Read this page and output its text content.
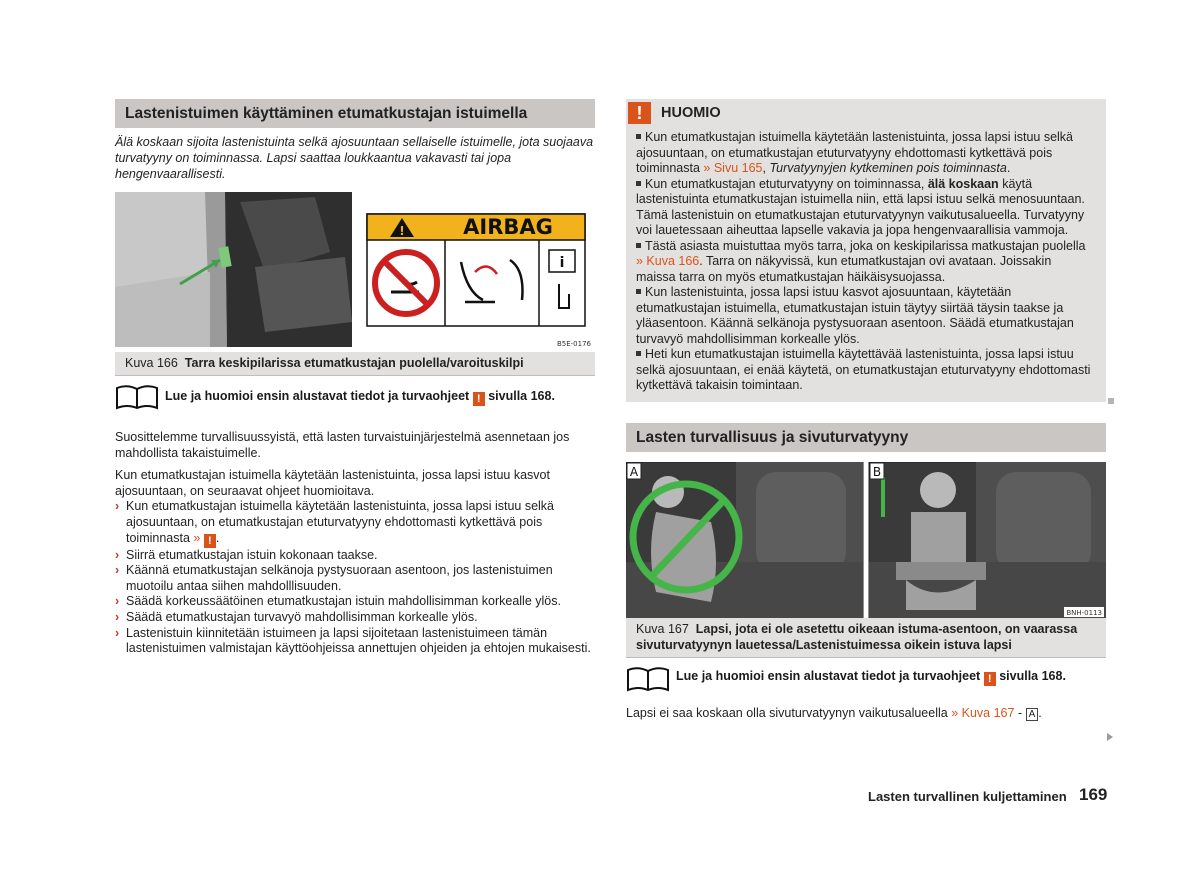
Lastenistuimen käyttäminen etumatkustajan istuimella
Älä koskaan sijoita lastenistuinta selkä ajosuuntaan sellaiselle istuimelle, jota suojaava turvatyyny on toiminnassa. Lapsi saattaa loukkaantua vakavasti tai jopa hengenvaarallisesti.
!	AIRBAG
i
B5E-0176
Kuva 166 Tarra keskipilarissa etumatkustajan puolella/varoituskilpi
Lue ja huomioi ensin alustavat tiedot ja turvaohjeet ! sivulla 168.

Suosittelemme turvallisuussyistä, että lasten turvaistuinjärjestelmä asennetaan jos mahdollista takaistuimelle.

Kun etumatkustajan istuimella käytetään lastenistuinta, jossa lapsi istuu kasvot ajosuuntaan, on seuraavat ohjeet huomioitava.

› Kun etumatkustajan istuimella käytetään lastenistuinta, jossa lapsi istuu selkä ajosuuntaan, on etumatkustajan etuturvatyyny ehdottomasti kytkettävä pois toiminnasta » ! .
› Siirrä etumatkustajan istuin kokonaan taakse.
› Käännä etumatkustajan selkänoja pystysuoraan asentoon, jos lastenistuimen muotoilu antaa siihen mahdolllisuuden.
› Säädä korkeussäätöinen etumatkustajan istuin mahdollisimman korkealle ylös.
› Säädä etumatkustajan turvavyö mahdollisimman korkealle ylös.
› Lastenistuin kiinnitetään istuimeen ja lapsi sijoitetaan lastenistuimeen tämän lastenistuimen valmistajan käyttöohjeissa annettujen ohjeiden ja ehtojen mukaisesti.
!	HUOMIO

Kun etumatkustajan istuimella käytetään lastenistuinta, jossa lapsi istuu selkä ajosuuntaan, on etumatkustajan etuturvatyyny ehdottomasti kytkettävä pois toiminnasta » Sivu 165, Turvatyynyjen kytkeminen pois toiminnasta.

Kun etumatkustajan etuturvatyyny on toiminnassa, älä koskaan käytä lastenistuinta etumatkustajan istuimella niin, että lapsi istuu selkä menosuuntaan. Tämä lastenistuin on etumatkustajan etuturvatyynyn vaikutusalueella. Turvatyyny voi lauetessaan aiheuttaa lapselle vakavia ja jopa hengenvaarallisia vammoja.

Tästä asiasta muistuttaa myös tarra, joka on keskipilarissa matkustajan puolella » Kuva 166. Tarra on näkyvissä, kun etumatkustajan ovi avataan. Joissakin maissa tarra on myös etumatkustajan häikäisysuojassa.

Kun lastenistuinta, jossa lapsi istuu kasvot ajosuuntaan, käytetään etumatkustajan istuimella, etumatkustajan istuin täytyy siirtää täysin taakse ja yläasentoon. Käännä selkänoja pystysuoraan asentoon. Säädä etumatkustajan turvavyö mahdollisimman korkealle ylös.

Heti kun etumatkustajan istuimella käytettävää lastenistuinta, jossa lapsi istuu selkä ajosuuntaan, ei enää käytetä, on etumatkustajan etuturvatyyny ehdottomasti kytkettävä takaisin toimintaan.

Lasten turvallisuus ja sivuturvatyyny
A	B
BNH-0113
Kuva 167 Lapsi, jota ei ole asetettu oikeaan istuma-asentoon, on vaarassa sivuturvatyynyn lauetessa/Lastenistuimessa oikein istuva lapsi
Lue ja huomioi ensin alustavat tiedot ja turvaohjeet ! sivulla 168.
Lapsi ei saa koskaan olla sivuturvatyynyn vaikutusalueella » Kuva 167 - A .
Lasten turvallinen kuljettaminen 169
